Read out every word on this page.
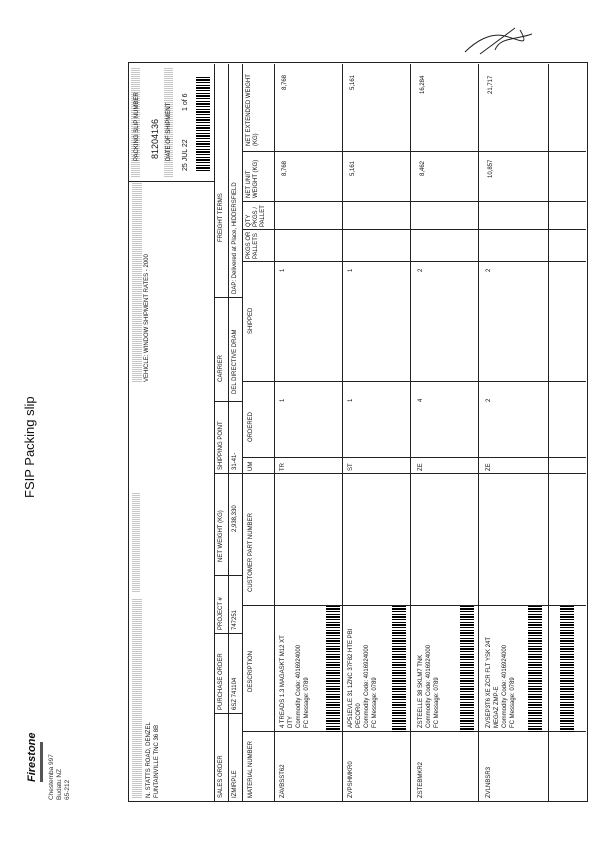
FSIP Packing slip
Firestone Chestemba 997 Budatu NZ 65-212	N. STATTS ROAD, DENZEL FUNTAINVILLE TNC 36 8B
VEHICLE: WINDOW SHIPMENT RATES - 2000
PACKING SLIP NUMBER 81204136 DATE OF SHIPMENT 25 JUL 22
1 of 6
SALES ORDER
PURCHASE ORDER
PROJECT #
NET WEIGHT (KG)
SHIPPING POINT
CARRIER
FREIGHT TERMS
IZMIRPLE
6SZ 741104
747251
2,938,330
31-41-
DEL DIRECTIVE DRAM
DAP: Delivered at Place, HIDDERSFIELD
MATERIAL NUMBER
DESCRIPTION
CUSTOMER PART NUMBER
UM
ORDERED
SHIPPED
PKGS OR PALLETS
QTY PKGS / PALLET
NET UNIT WEIGHT (KG)
NET EXTENDED WEIGHT (KG)
ZAVBSST62
4 TREADS 1.3 MAGASKT M12 XT DTY Commodity Code: 4016924000 FC Message: 0789
TR
1
1
8,768
8,768
ZVPSHMKR0
AP51EVLE 31 1ZNC 37F82 HTE PBI PECOR0 Commodity Code: 4016924000 FC Message: 0789
ST
1
1
5,161
5,161
ZSTEBMKR2
ZSTEELLE 38 SKLM7 TNK Commodity Code: 4016924000 FC Message: 0789
ZE
4
2
8,462
16,284
ZVLNBSR3
ZVSEP3T6 XE ZCR FLT YSK 24T MEGAZ ZMP-E Commodity Code: 4016924000 FC Message: 0789
ZE
2
2
10,857
21,717
